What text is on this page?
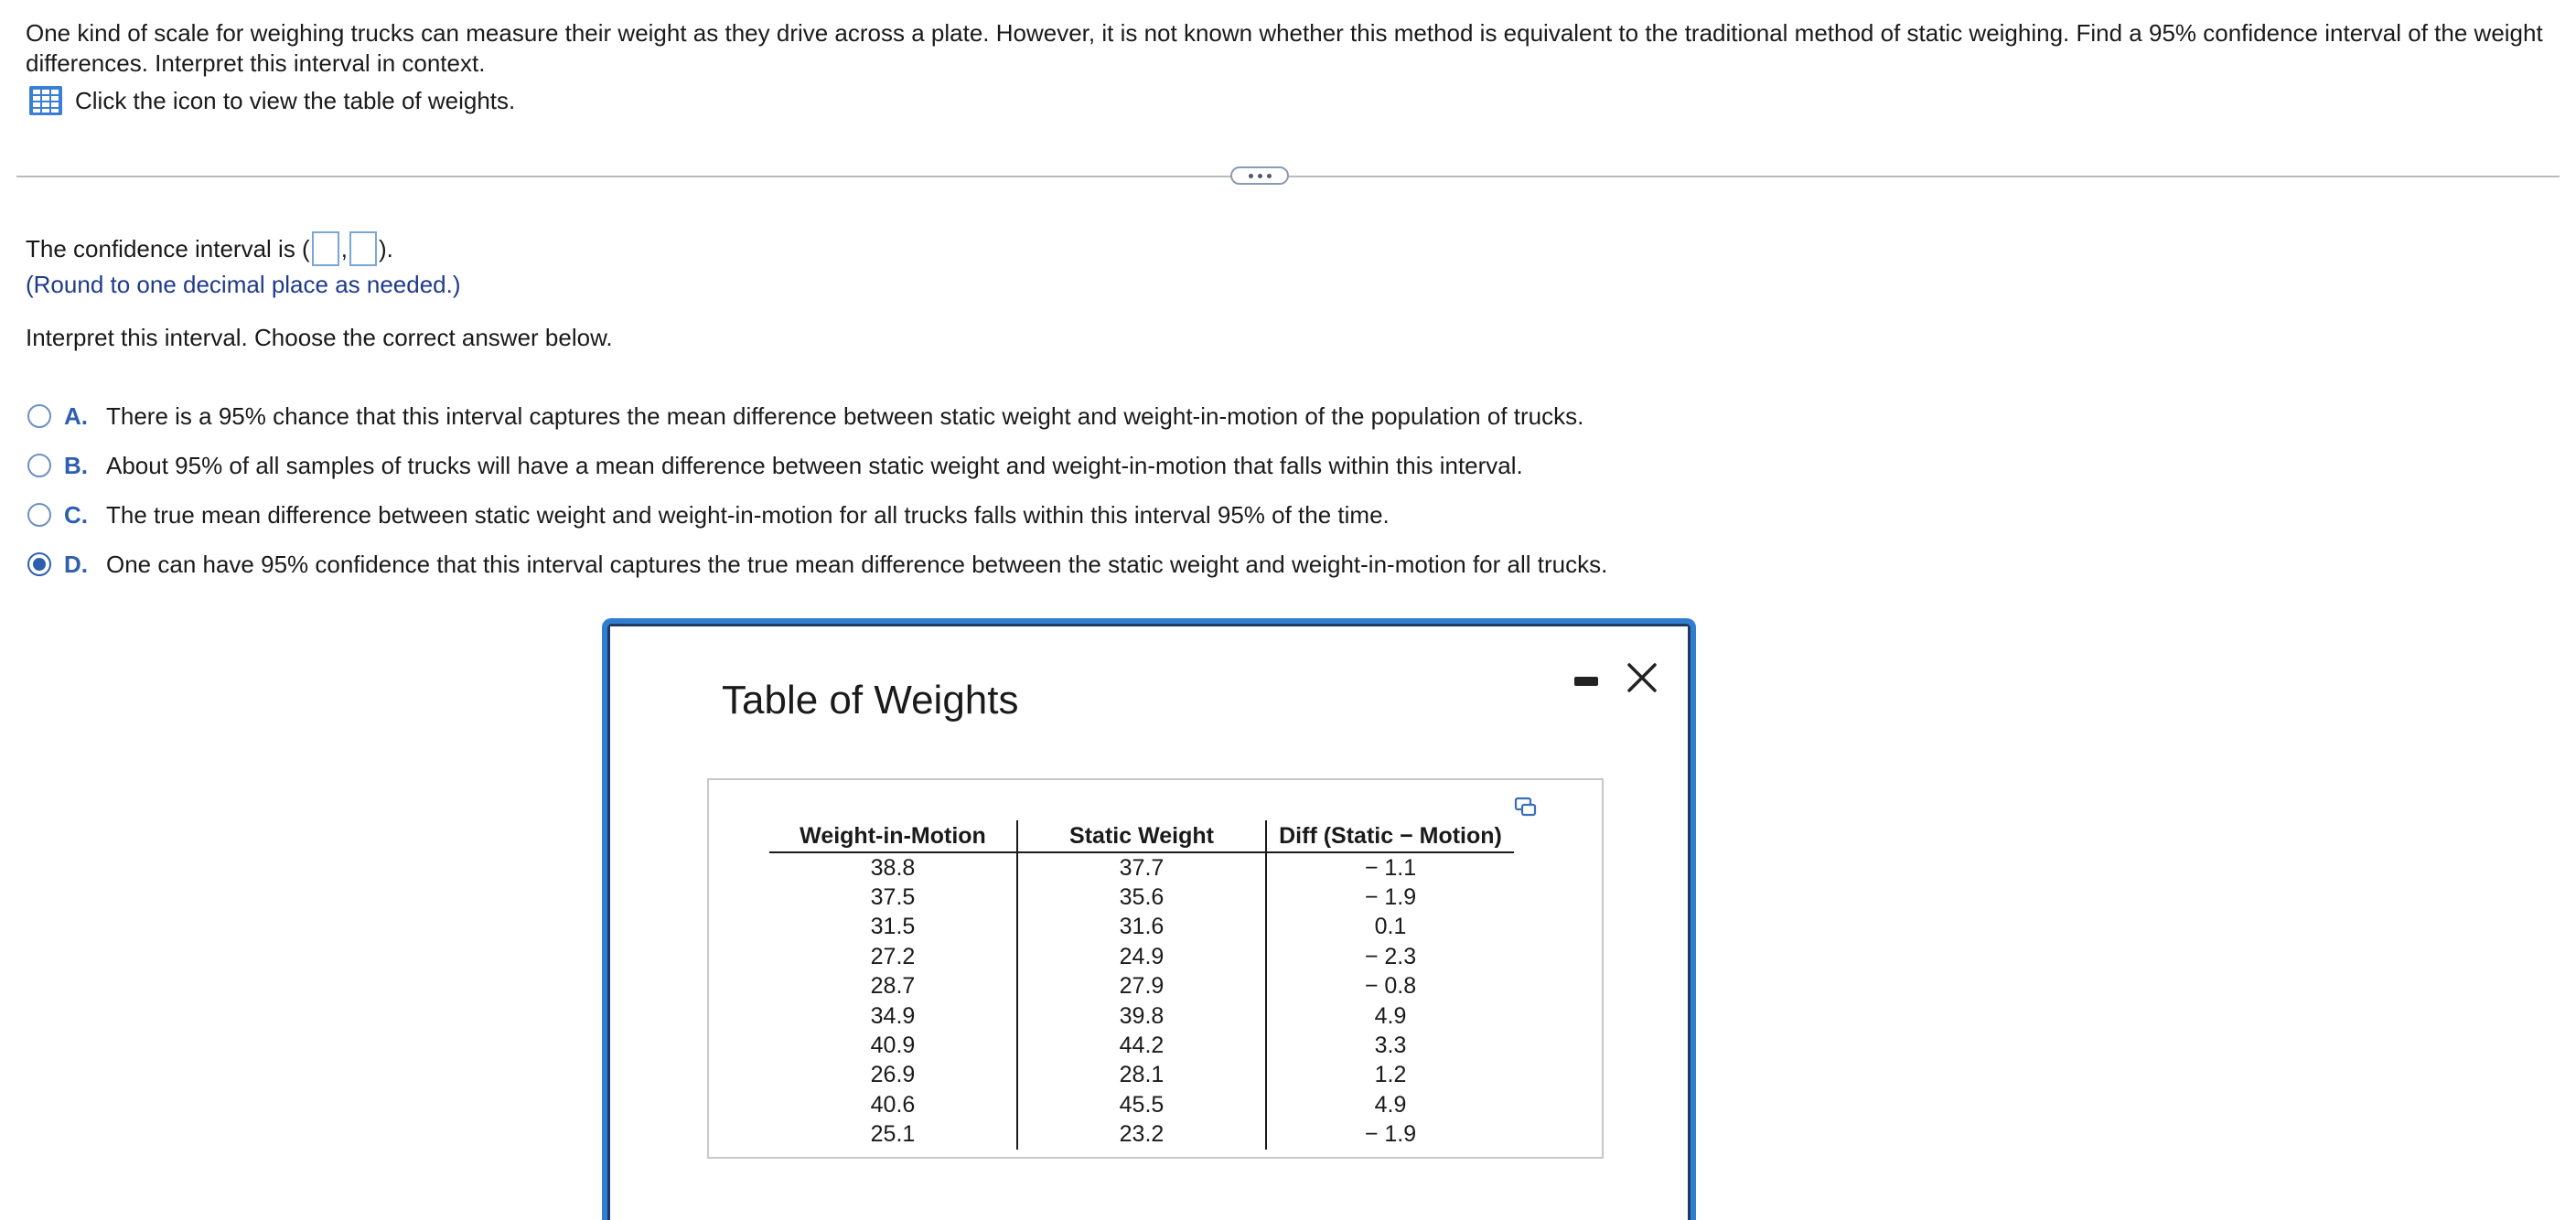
One kind of scale for weighing trucks can measure their weight as they drive across a plate. However, it is not known whether this method is equivalent to the traditional method of static weighing. Find a 95% confidence interval of the weight differences. Interpret this interval in context.
Click the icon to view the table of weights.
The confidence interval is ( , ).
(Round to one decimal place as needed.)
Interpret this interval. Choose the correct answer below.
A. There is a 95% chance that this interval captures the mean difference between static weight and weight-in-motion of the population of trucks.
B. About 95% of all samples of trucks will have a mean difference between static weight and weight-in-motion that falls within this interval.
C. The true mean difference between static weight and weight-in-motion for all trucks falls within this interval 95% of the time.
D. One can have 95% confidence that this interval captures the true mean difference between the static weight and weight-in-motion for all trucks.
Table of Weights
Weight-in-Motion	Static Weight	Diff (Static − Motion)
38.8	37.7	− 1.1
37.5	35.6	− 1.9
31.5	31.6	0.1
27.2	24.9	− 2.3
28.7	27.9	− 0.8
34.9	39.8	4.9
40.9	44.2	3.3
26.9	28.1	1.2
40.6	45.5	4.9
25.1	23.2	− 1.9
